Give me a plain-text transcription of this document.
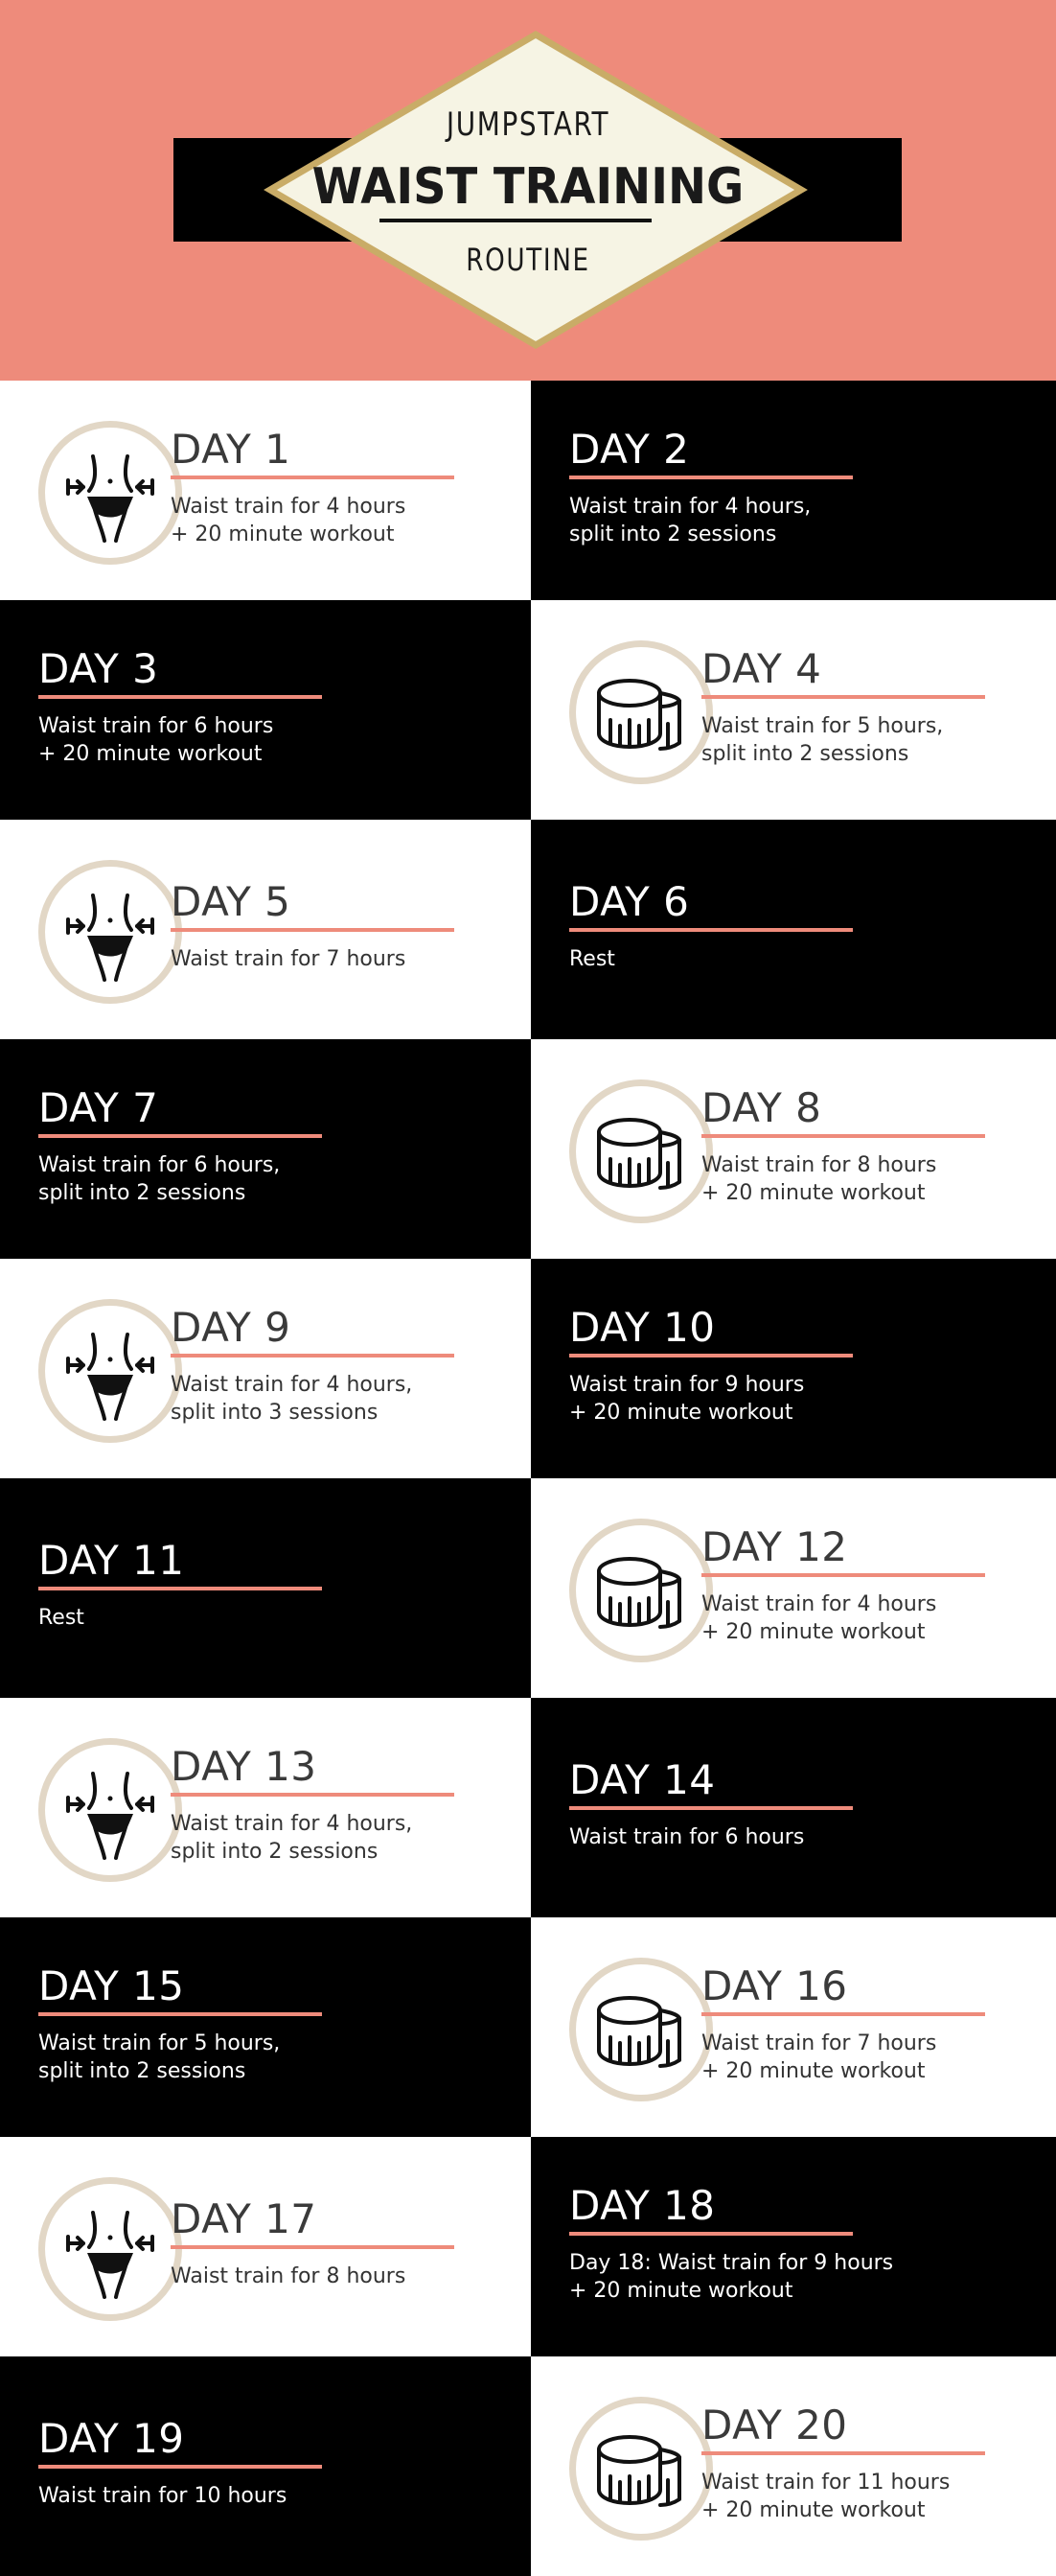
JUMPSTART
WAIST TRAINING
ROUTINE
DAY 1
Waist train for 4 hours
+ 20 minute workout
DAY 2
Waist train for 4 hours,
split into 2 sessions
DAY 3
Waist train for 6 hours
+ 20 minute workout
DAY 4
Waist train for 5 hours,
split into 2 sessions
DAY 5
Waist train for 7 hours
DAY 6
Rest
DAY 7
Waist train for 6 hours,
split into 2 sessions
DAY 8
Waist train for 8 hours
+ 20 minute workout
DAY 9
Waist train for 4 hours,
split into 3 sessions
DAY 10
Waist train for 9 hours
+ 20 minute workout
DAY 11
Rest
DAY 12
Waist train for 4 hours
+ 20 minute workout
DAY 13
Waist train for 4 hours,
split into 2 sessions
DAY 14
Waist train for 6 hours
DAY 15
Waist train for 5 hours,
split into 2 sessions
DAY 16
Waist train for 7 hours
+ 20 minute workout
DAY 17
Waist train for 8 hours
DAY 18
Day 18: Waist train for 9 hours
+ 20 minute workout
DAY 19
Waist train for 10 hours
DAY 20
Waist train for 11 hours
+ 20 minute workout
